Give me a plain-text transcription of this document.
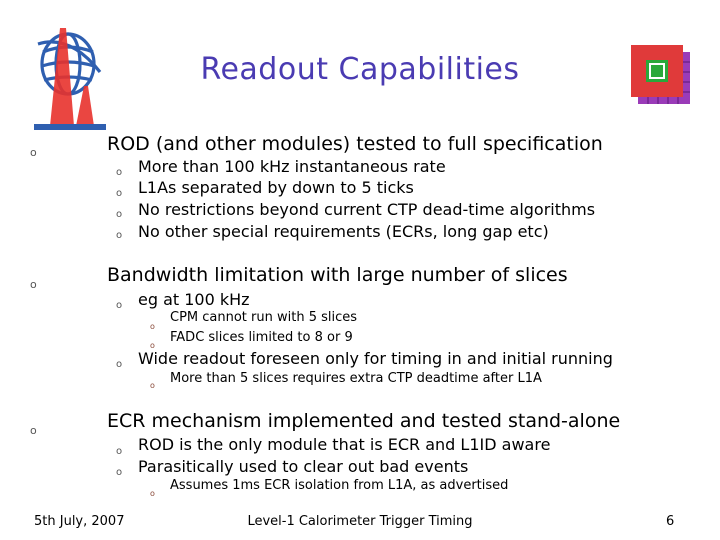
Readout Capabilities
o	ROD (and other modules) tested to full specification
o More than 100 kHz instantaneous rate
o L1As separated by down to 5 ticks
o No restrictions beyond current CTP dead-time algorithms
o No other special requirements (ECRs, long gap etc)
o	Bandwidth limitation with large number of slices
o eg at 100 kHz
o
CPM cannot run with 5 slices
o
FADC slices limited to 8 or 9
o Wide readout foreseen only for timing in and initial running
o More than 5 slices requires extra CTP deadtime after L1A
o	ECR mechanism implemented and tested stand-alone
o ROD is the only module that is ECR and L1ID aware
o Parasitically used to clear out bad events
o
Assumes 1ms ECR isolation from L1A, as advertised
5th July, 2007	Level-1 Calorimeter Trigger Timing	6
